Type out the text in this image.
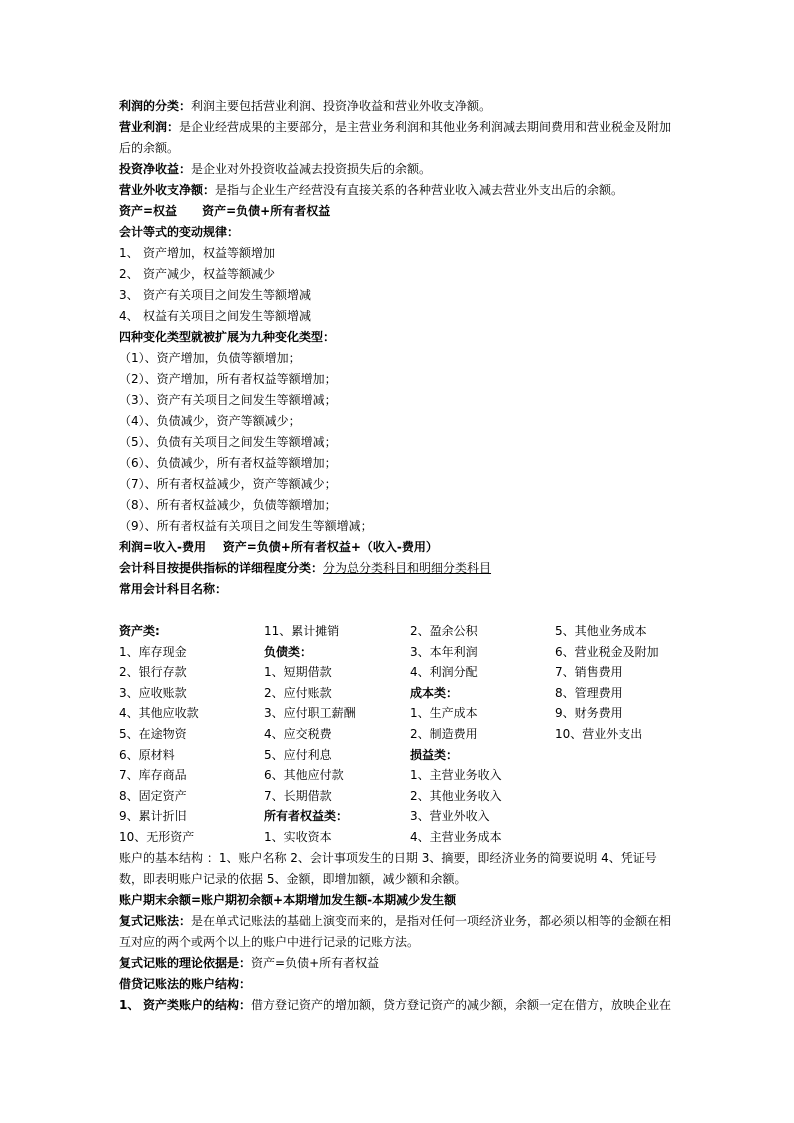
利润的分类：利润主要包括营业利润、投资净收益和营业外收支净额。
营业利润：是企业经营成果的主要部分，是主营业务利润和其他业务利润减去期间费用和营业税金及附加后的余额。
投资净收益：是企业对外投资收益减去投资损失后的余额。
营业外收支净额：是指与企业生产经营没有直接关系的各种营业收入减去营业外支出后的余额。
资产=权益      资产=负债+所有者权益
会计等式的变动规律：
1、 资产增加，权益等额增加
2、 资产减少，权益等额减少
3、 资产有关项目之间发生等额增减
4、 权益有关项目之间发生等额增减
四种变化类型就被扩展为九种变化类型：
（1）、资产增加，负债等额增加；
（2）、资产增加，所有者权益等额增加；
（3）、资产有关项目之间发生等额增减；
（4）、负债减少，资产等额减少；
（5）、负债有关项目之间发生等额增减；
（6）、负债减少，所有者权益等额增加；
（7）、所有者权益减少，资产等额减少；
（8）、所有者权益减少，负债等额增加；
（9）、所有者权益有关项目之间发生等额增减；
利润=收入-费用    资产=负债+所有者权益+（收入-费用）
会计科目按提供指标的详细程度分类：分为总分类科目和明细分类科目
常用会计科目名称：
资产类:	11、累计摊销	2、盈余公积	5、其他业务成本
1、库存现金	负债类：	3、本年利润	6、营业税金及附加
2、银行存款	1、短期借款	4、利润分配	7、销售费用
3、应收账款	2、应付账款	成本类：	8、管理费用
4、其他应收款	3、应付职工薪酬	1、生产成本	9、财务费用
5、在途物资	4、应交税费	2、制造费用	10、营业外支出
6、原材料	5、应付利息	损益类：	
7、库存商品	6、其他应付款	1、主营业务收入	
8、固定资产	7、长期借款	2、其他业务收入	
9、累计折旧	所有者权益类：	3、营业外收入	
10、无形资产	1、实收资本	4、主营业务成本	
账户的基本结构 ：1、账户名称 2、会计事项发生的日期 3、摘要，即经济业务的简要说明 4、凭证号数，即表明账户记录的依据 5、金额，即增加额，减少额和余额。
账户期末余额=账户期初余额+本期增加发生额-本期减少发生额
复式记账法：是在单式记账法的基础上演变而来的，是指对任何一项经济业务，都必须以相等的金额在相互对应的两个或两个以上的账户中进行记录的记账方法。
复式记账的理论依据是：资产=负债+所有者权益
借贷记账法的账户结构：
1、 资产类账户的结构：借方登记资产的增加额，贷方登记资产的减少额，余额一定在借方，放映企业在
